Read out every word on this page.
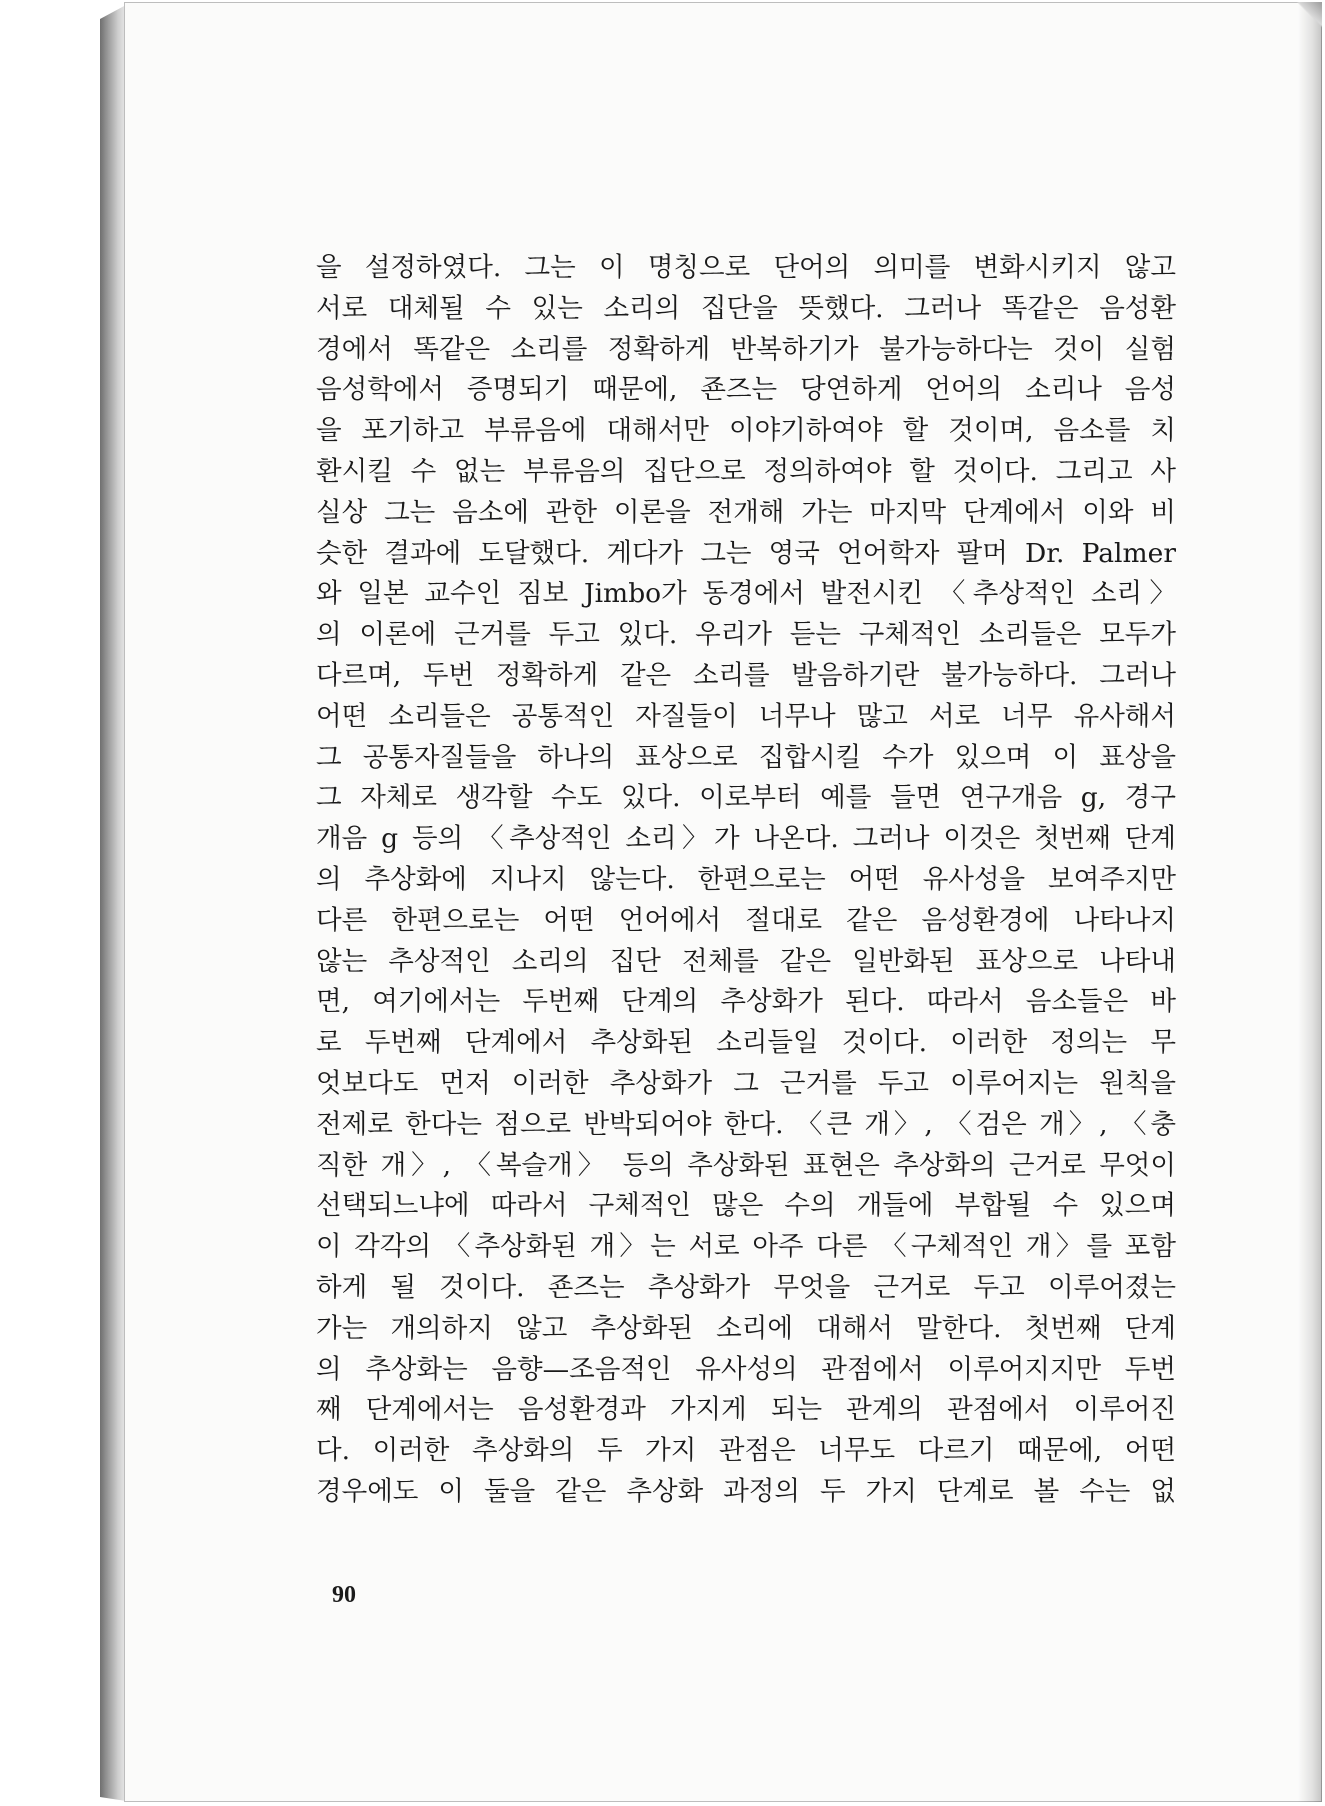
을 설정하였다. 그는 이 명칭으로 단어의 의미를 변화시키지 않고
서로 대체될 수 있는 소리의 집단을 뜻했다. 그러나 똑같은 음성환
경에서 똑같은 소리를 정확하게 반복하기가 불가능하다는 것이 실험
음성학에서 증명되기 때문에, 죤즈는 당연하게 언어의 소리나 음성
을 포기하고 부류음에 대해서만 이야기하여야 할 것이며, 음소를 치
환시킬 수 없는 부류음의 집단으로 정의하여야 할 것이다. 그리고 사
실상 그는 음소에 관한 이론을 전개해 가는 마지막 단계에서 이와 비
슷한 결과에 도달했다. 게다가 그는 영국 언어학자 팔머 Dr. Palmer
와 일본 교수인 짐보 Jimbo가 동경에서 발전시킨 〈추상적인 소리〉
의 이론에 근거를 두고 있다. 우리가 듣는 구체적인 소리들은 모두가
다르며, 두번 정확하게 같은 소리를 발음하기란 불가능하다. 그러나
어떤 소리들은 공통적인 자질들이 너무나 많고 서로 너무 유사해서
그 공통자질들을 하나의 표상으로 집합시킬 수가 있으며 이 표상을
그 자체로 생각할 수도 있다. 이로부터 예를 들면 연구개음 g, 경구
개음 g 등의 〈추상적인 소리〉가 나온다. 그러나 이것은 첫번째 단계
의 추상화에 지나지 않는다. 한편으로는 어떤 유사성을 보여주지만
다른 한편으로는 어떤 언어에서 절대로 같은 음성환경에 나타나지
않는 추상적인 소리의 집단 전체를 같은 일반화된 표상으로 나타내
면, 여기에서는 두번째 단계의 추상화가 된다. 따라서 음소들은 바
로 두번째 단계에서 추상화된 소리들일 것이다. 이러한 정의는 무
엇보다도 먼저 이러한 추상화가 그 근거를 두고 이루어지는 원칙을
전제로 한다는 점으로 반박되어야 한다. 〈큰 개〉, 〈검은 개〉, 〈충
직한 개〉, 〈복슬개〉 등의 추상화된 표현은 추상화의 근거로 무엇이
선택되느냐에 따라서 구체적인 많은 수의 개들에 부합될 수 있으며
이 각각의 〈추상화된 개〉는 서로 아주 다른 〈구체적인 개〉를 포함
하게 될 것이다. 죤즈는 추상화가 무엇을 근거로 두고 이루어졌는
가는 개의하지 않고 추상화된 소리에 대해서 말한다. 첫번째 단계
의 추상화는 음향—조음적인 유사성의 관점에서 이루어지지만 두번
째 단계에서는 음성환경과 가지게 되는 관계의 관점에서 이루어진
다. 이러한 추상화의 두 가지 관점은 너무도 다르기 때문에, 어떤
경우에도 이 둘을 같은 추상화 과정의 두 가지 단계로 볼 수는 없
90
